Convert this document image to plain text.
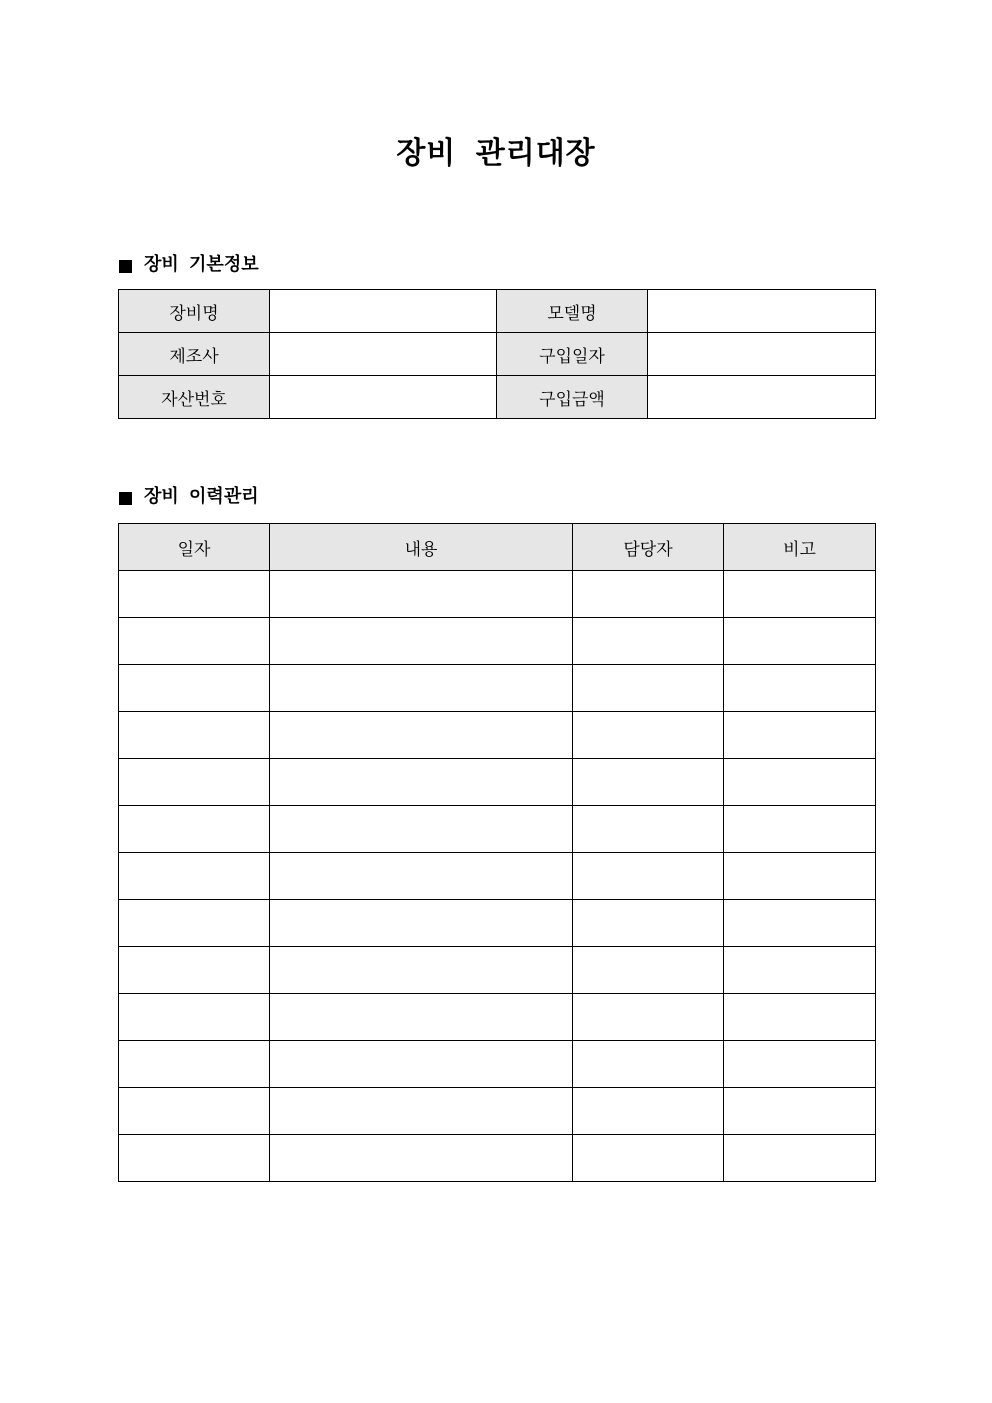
장비 관리대장
장비 기본정보
장비명		모델명	
제조사		구입일자	
자산번호		구입금액	
장비 이력관리
일자	내용	담당자	비고
